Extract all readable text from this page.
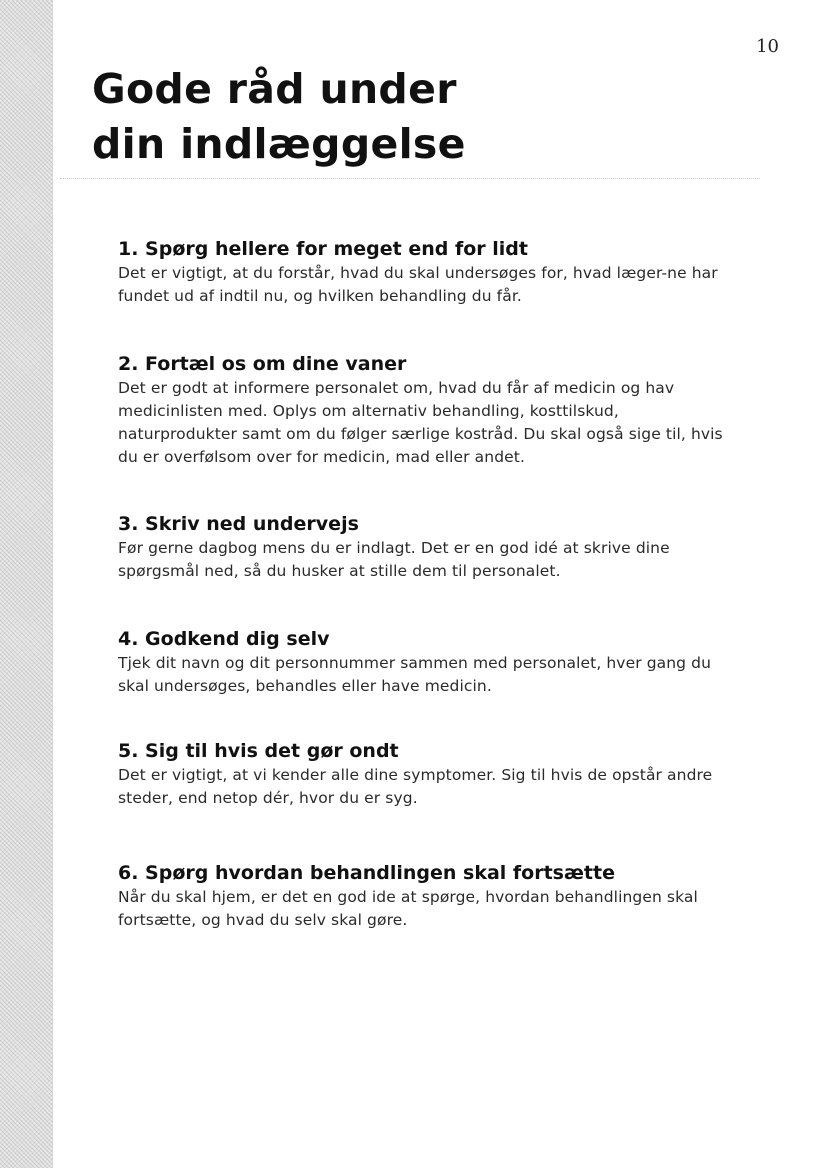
10
Gode råd under
din indlæggelse
1. Spørg hellere for meget end for lidt

Det er vigtigt, at du forstår, hvad du skal undersøges for, hvad læger-ne har fundet ud af indtil nu, og hvilken behandling du får.

2. Fortæl os om dine vaner

Det er godt at informere personalet om, hvad du får af medicin og hav medicinlisten med. Oplys om alternativ behandling, kosttilskud, naturprodukter samt om du følger særlige kostråd. Du skal også sige til, hvis du er overfølsom over for medicin, mad eller andet.

3. Skriv ned undervejs

Før gerne dagbog mens du er indlagt. Det er en god idé at skrive dine spørgsmål ned, så du husker at stille dem til personalet.

4. Godkend dig selv

Tjek dit navn og dit personnummer sammen med personalet, hver gang du skal undersøges, behandles eller have medicin.

5. Sig til hvis det gør ondt

Det er vigtigt, at vi kender alle dine symptomer. Sig til hvis de opstår andre steder, end netop dér, hvor du er syg.

6. Spørg hvordan behandlingen skal fortsætte

Når du skal hjem, er det en god ide at spørge, hvordan behandlingen skal fortsætte, og hvad du selv skal gøre.
